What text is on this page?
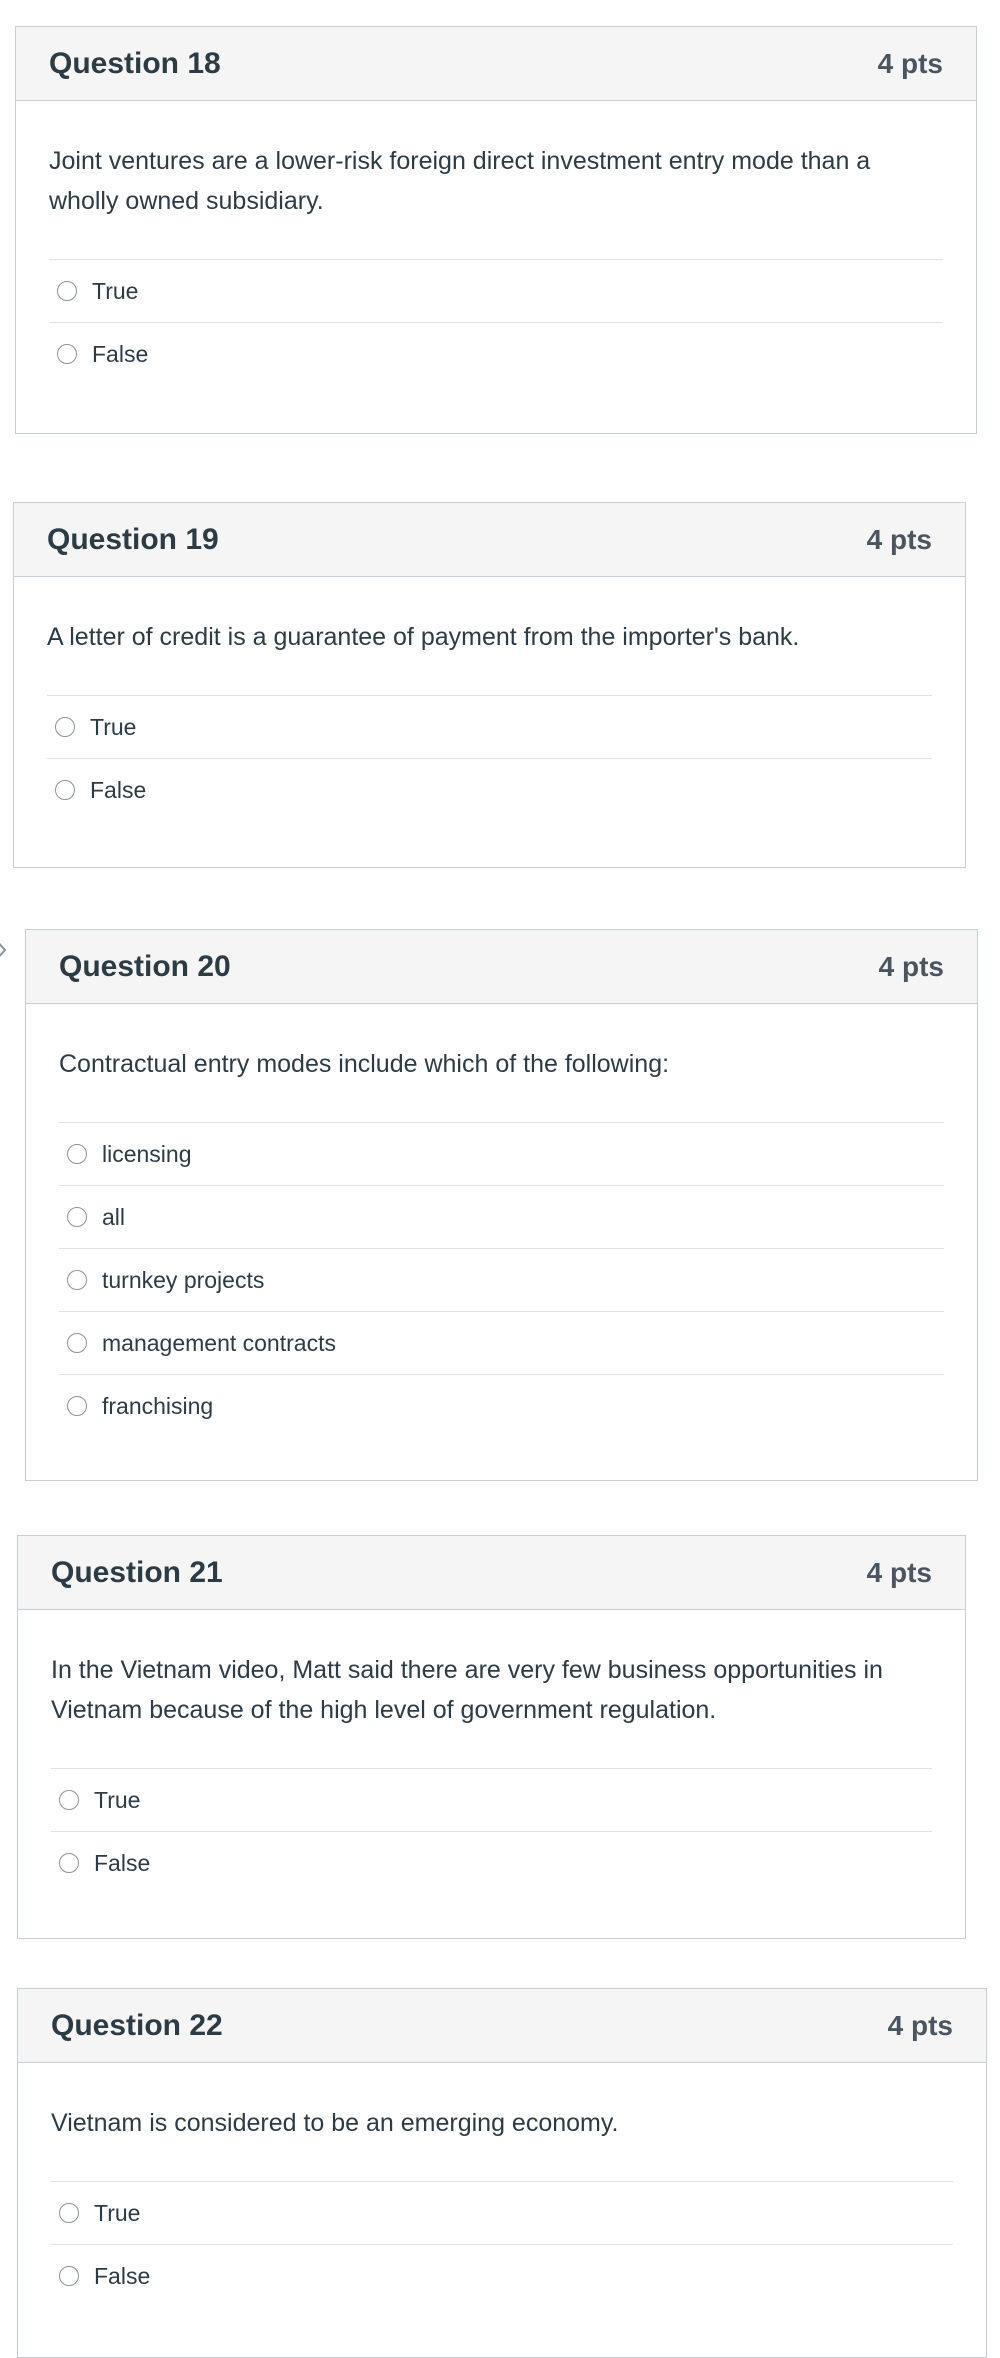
Question 18	4 pts
Joint ventures are a lower-risk foreign direct investment entry mode than a wholly owned subsidiary.
True
False
Question 19	4 pts
A letter of credit is a guarantee of payment from the importer's bank.
True
False
Question 20	4 pts
Contractual entry modes include which of the following:
licensing
all
turnkey projects
management contracts
franchising
Question 21	4 pts
In the Vietnam video, Matt said there are very few business opportunities in Vietnam because of the high level of government regulation.
True
False
Question 22	4 pts
Vietnam is considered to be an emerging economy.
True
False
